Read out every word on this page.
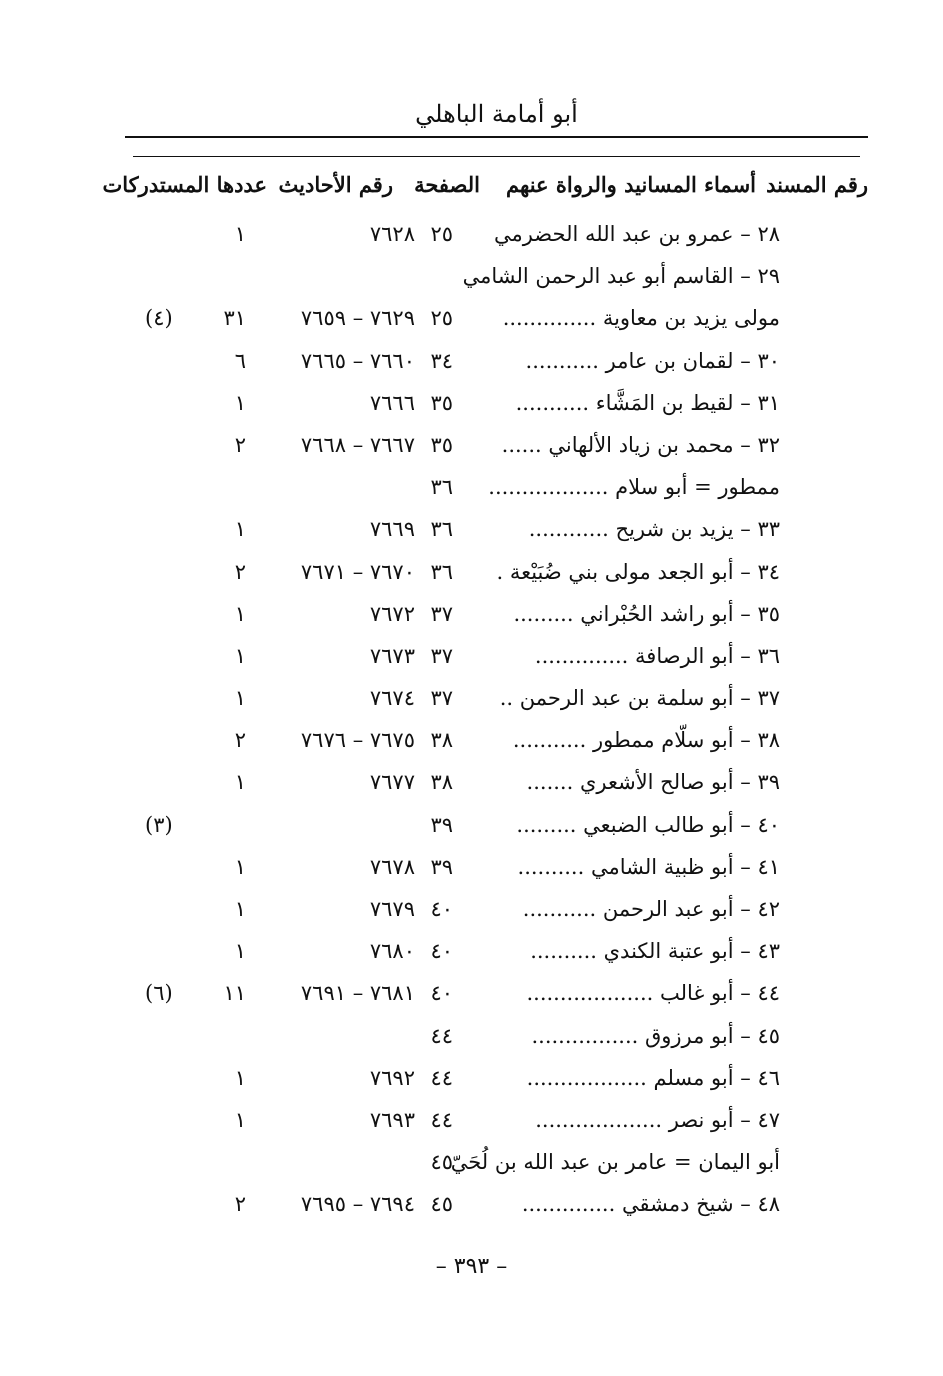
أبو أمامة الباهلي
رقم المسند
أسماء المسانيد والرواة عنهم
الصفحة
رقم الأحاديث
عددها المستدركات
٢٨ – عمرو بن عبد الله الحضرمي
٢٥
٧٦٢٨
١
٢٩ – القاسم أبو عبد الرحمن الشامي
مولى يزيد بن معاوية ..............
٢٥
٧٦٢٩ – ٧٦٥٩
٣١
(٤)
٣٠ – لقمان بن عامر ...........
٣٤
٧٦٦٠ – ٧٦٦٥
٦
٣١ – لقيط بن المَشَّاء ...........
٣٥
٧٦٦٦
١
٣٢ – محمد بن زياد الألهاني ......
٣٥
٧٦٦٧ – ٧٦٦٨
٢
ممطور = أبو سلام ..................
٣٦
٣٣ – يزيد بن شريح ............
٣٦
٧٦٦٩
١
٣٤ – أبو الجعد مولى بني ضُبَيْعة .
٣٦
٧٦٧٠ – ٧٦٧١
٢
٣٥ – أبو راشد الحُبْراني .........
٣٧
٧٦٧٢
١
٣٦ – أبو الرصافة ..............
٣٧
٧٦٧٣
١
٣٧ – أبو سلمة بن عبد الرحمن ..
٣٧
٧٦٧٤
١
٣٨ – أبو سلّام ممطور ...........
٣٨
٧٦٧٥ – ٧٦٧٦
٢
٣٩ – أبو صالح الأشعري .......
٣٨
٧٦٧٧
١
٤٠ – أبو طالب الضبعي .........
٣٩
(٣)
٤١ – أبو ظبية الشامي ..........
٣٩
٧٦٧٨
١
٤٢ – أبو عبد الرحمن ...........
٤٠
٧٦٧٩
١
٤٣ – أبو عتبة الكندي ..........
٤٠
٧٦٨٠
١
٤٤ – أبو غالب ...................
٤٠
٧٦٨١ – ٧٦٩١
١١
(٦)
٤٥ – أبو مرزوق ................
٤٤
٤٦ – أبو مسلم ..................
٤٤
٧٦٩٢
١
٤٧ – أبو نصر ...................
٤٤
٧٦٩٣
١
أبو اليمان = عامر بن عبد الله بن لُحَيّ
٤٥
٤٨ – شيخ دمشقي ..............
٤٥
٧٦٩٤ – ٧٦٩٥
٢
– ٣٩٣ –
